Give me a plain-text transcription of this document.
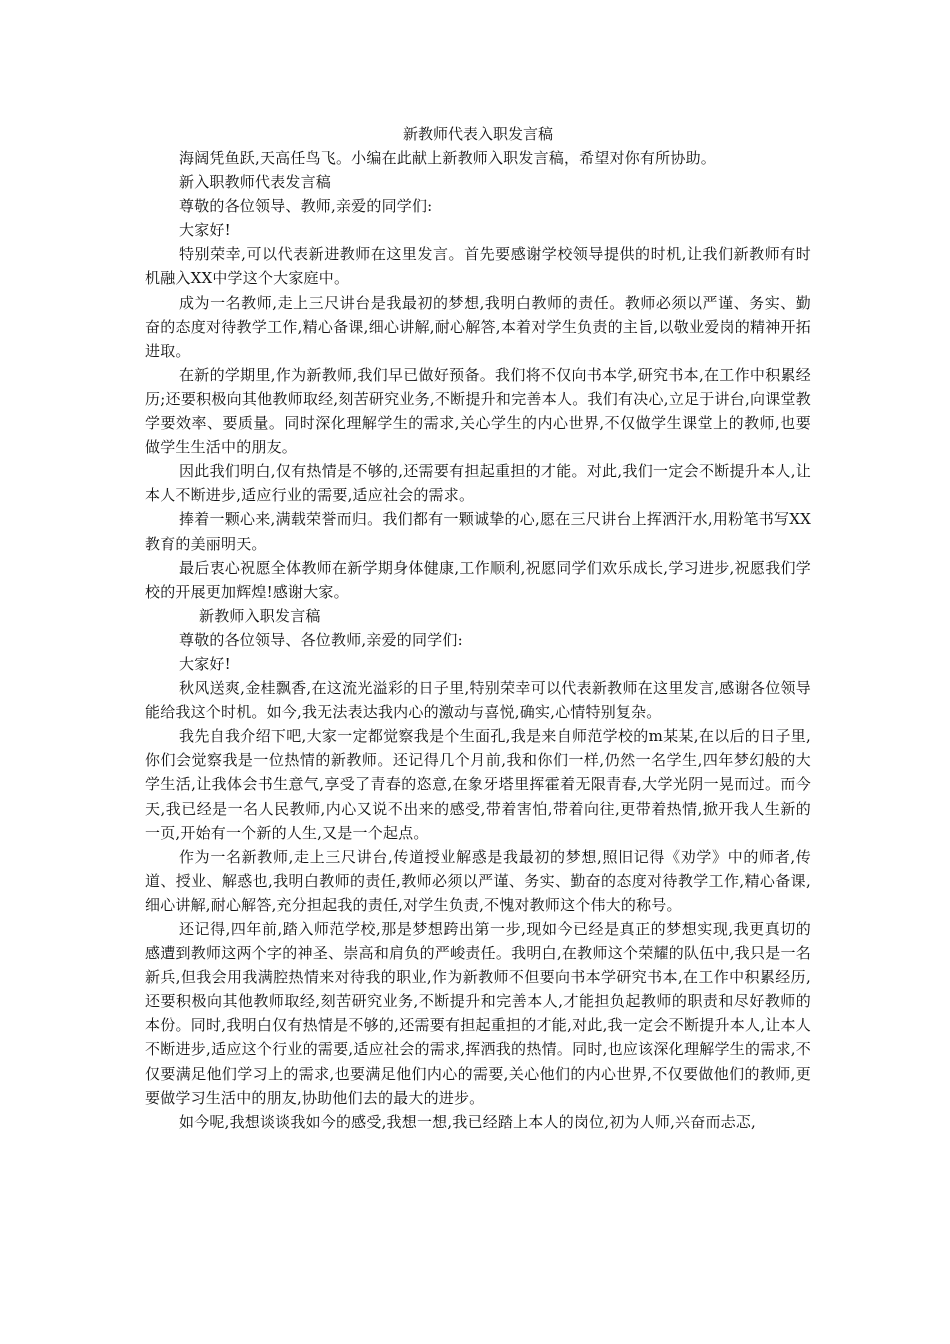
新教师代表入职发言稿

海阔凭鱼跃,天高任鸟飞。小编在此献上新教师入职发言稿，希望对你有所协助。

新入职教师代表发言稿

尊敬的各位领导、教师,亲爱的同学们:

大家好!

特别荣幸,可以代表新进教师在这里发言。首先要感谢学校领导提供的时机,让我们新教师有时机融入XX中学这个大家庭中。

成为一名教师,走上三尺讲台是我最初的梦想,我明白教师的责任。教师必须以严谨、务实、勤奋的态度对待教学工作,精心备课,细心讲解,耐心解答,本着对学生负责的主旨,以敬业爱岗的精神开拓进取。

在新的学期里,作为新教师,我们早已做好预备。我们将不仅向书本学,研究书本,在工作中积累经历;还要积极向其他教师取经,刻苦研究业务,不断提升和完善本人。我们有决心,立足于讲台,向课堂教学要效率、要质量。同时深化理解学生的需求,关心学生的内心世界,不仅做学生课堂上的教师,也要做学生生活中的朋友。

因此我们明白,仅有热情是不够的,还需要有担起重担的才能。对此,我们一定会不断提升本人,让本人不断进步,适应行业的需要,适应社会的需求。

捧着一颗心来,满载荣誉而归。我们都有一颗诚挚的心,愿在三尺讲台上挥洒汗水,用粉笔书写XX教育的美丽明天。

最后衷心祝愿全体教师在新学期身体健康,工作顺利,祝愿同学们欢乐成长,学习进步,祝愿我们学校的开展更加辉煌!感谢大家。

新教师入职发言稿

尊敬的各位领导、各位教师,亲爱的同学们:

大家好!

秋风送爽,金桂飘香,在这流光溢彩的日子里,特别荣幸可以代表新教师在这里发言,感谢各位领导能给我这个时机。如今,我无法表达我内心的激动与喜悦,确实,心情特别复杂。

我先自我介绍下吧,大家一定都觉察我是个生面孔,我是来自师范学校的m某某,在以后的日子里,你们会觉察我是一位热情的新教师。还记得几个月前,我和你们一样,仍然一名学生,四年梦幻般的大学生活,让我体会书生意气,享受了青春的恣意,在象牙塔里挥霍着无限青春,大学光阴一晃而过。而今天,我已经是一名人民教师,内心又说不出来的感受,带着害怕,带着向往,更带着热情,掀开我人生新的一页,开始有一个新的人生,又是一个起点。

作为一名新教师,走上三尺讲台,传道授业解惑是我最初的梦想,照旧记得《劝学》中的师者,传道、授业、解惑也,我明白教师的责任,教师必须以严谨、务实、勤奋的态度对待教学工作,精心备课,细心讲解,耐心解答,充分担起我的责任,对学生负责,不愧对教师这个伟大的称号。

还记得,四年前,踏入师范学校,那是梦想跨出第一步,现如今已经是真正的梦想实现,我更真切的感遭到教师这两个字的神圣、崇高和肩负的严峻责任。我明白,在教师这个荣耀的队伍中,我只是一名新兵,但我会用我满腔热情来对待我的职业,作为新教师不但要向书本学研究书本,在工作中积累经历,还要积极向其他教师取经,刻苦研究业务,不断提升和完善本人,才能担负起教师的职责和尽好教师的本份。同时,我明白仅有热情是不够的,还需要有担起重担的才能,对此,我一定会不断提升本人,让本人不断进步,适应这个行业的需要,适应社会的需求,挥洒我的热情。同时,也应该深化理解学生的需求,不仅要满足他们学习上的需求,也要满足他们内心的需要,关心他们的内心世界,不仅要做他们的教师,更要做学习生活中的朋友,协助他们去的最大的进步。

如今呢,我想谈谈我如今的感受,我想一想,我已经踏上本人的岗位,初为人师,兴奋而忐忑,
